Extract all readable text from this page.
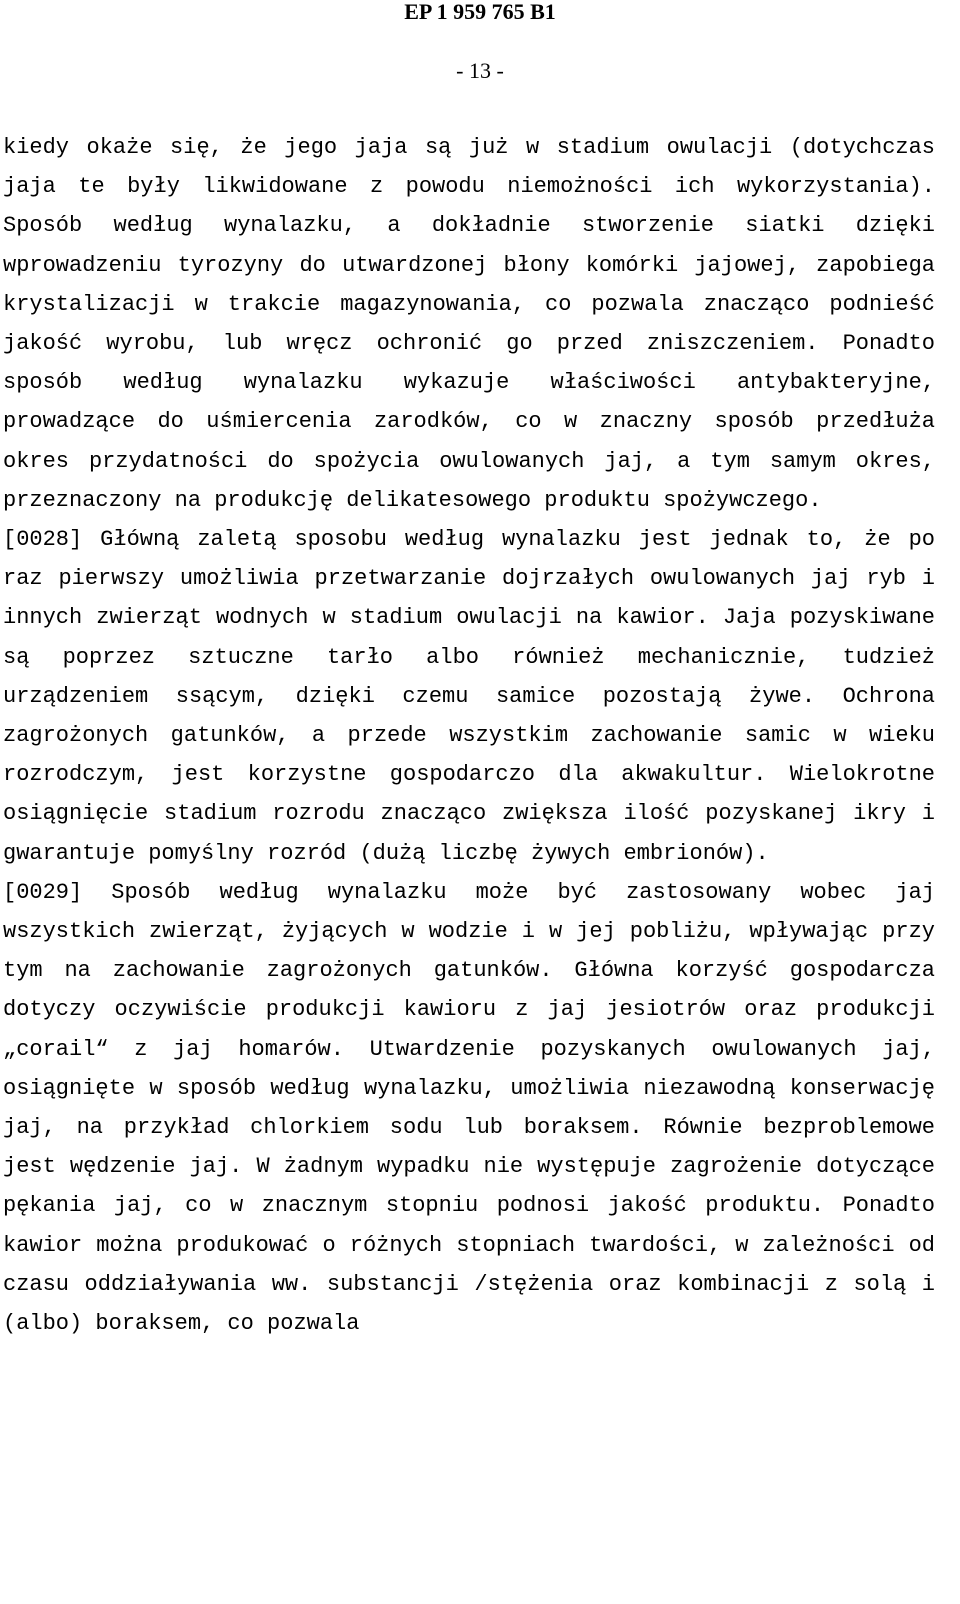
EP 1 959 765 B1
- 13 -

kiedy okaże się, że jego jaja są już w stadium owulacji (dotychczas jaja te były likwidowane z powodu niemożności ich wykorzystania). Sposób według wynalazku, a dokładnie stworzenie siatki dzięki wprowadzeniu tyrozyny do utwardzonej błony komórki jajowej, zapobiega krystalizacji w trakcie magazynowania, co pozwala znacząco podnieść jakość wyrobu, lub wręcz ochronić go przed zniszczeniem. Ponadto sposób według wynalazku wykazuje właściwości antybakteryjne, prowadzące do uśmiercenia zarodków, co w znaczny sposób przedłuża okres przydatności do spożycia owulowanych jaj, a tym samym okres, przeznaczony na produkcję delikatesowego produktu spożywczego.

[0028] Główną zaletą sposobu według wynalazku jest jednak to, że po raz pierwszy umożliwia przetwarzanie dojrzałych owulowanych jaj ryb i innych zwierząt wodnych w stadium owulacji na kawior. Jaja pozyskiwane są poprzez sztuczne tarło albo również mechanicznie, tudzież urządzeniem ssącym, dzięki czemu samice pozostają żywe. Ochrona zagrożonych gatunków, a przede wszystkim zachowanie samic w wieku rozrodczym, jest korzystne gospodarczo dla akwakultur. Wielokrotne osiągnięcie stadium rozrodu znacząco zwiększa ilość pozyskanej ikry i gwarantuje pomyślny rozród (dużą liczbę żywych embrionów).

[0029] Sposób według wynalazku może być zastosowany wobec jaj wszystkich zwierząt, żyjących w wodzie i w jej pobliżu, wpływając przy tym na zachowanie zagrożonych gatunków. Główna korzyść gospodarcza dotyczy oczywiście produkcji kawioru z jaj jesiotrów oraz produkcji „corail“ z jaj homarów. Utwardzenie pozyskanych owulowanych jaj, osiągnięte w sposób według wynalazku, umożliwia niezawodną konserwację jaj, na przykład chlorkiem sodu lub boraksem. Równie bezproblemowe jest wędzenie jaj. W żadnym wypadku nie występuje zagrożenie dotyczące pękania jaj, co w znacznym stopniu podnosi jakość produktu. Ponadto kawior można produkować o różnych stopniach twardości, w zależności od czasu oddziaływania ww. substancji /stężenia oraz kombinacji z solą i (albo) boraksem, co pozwala
